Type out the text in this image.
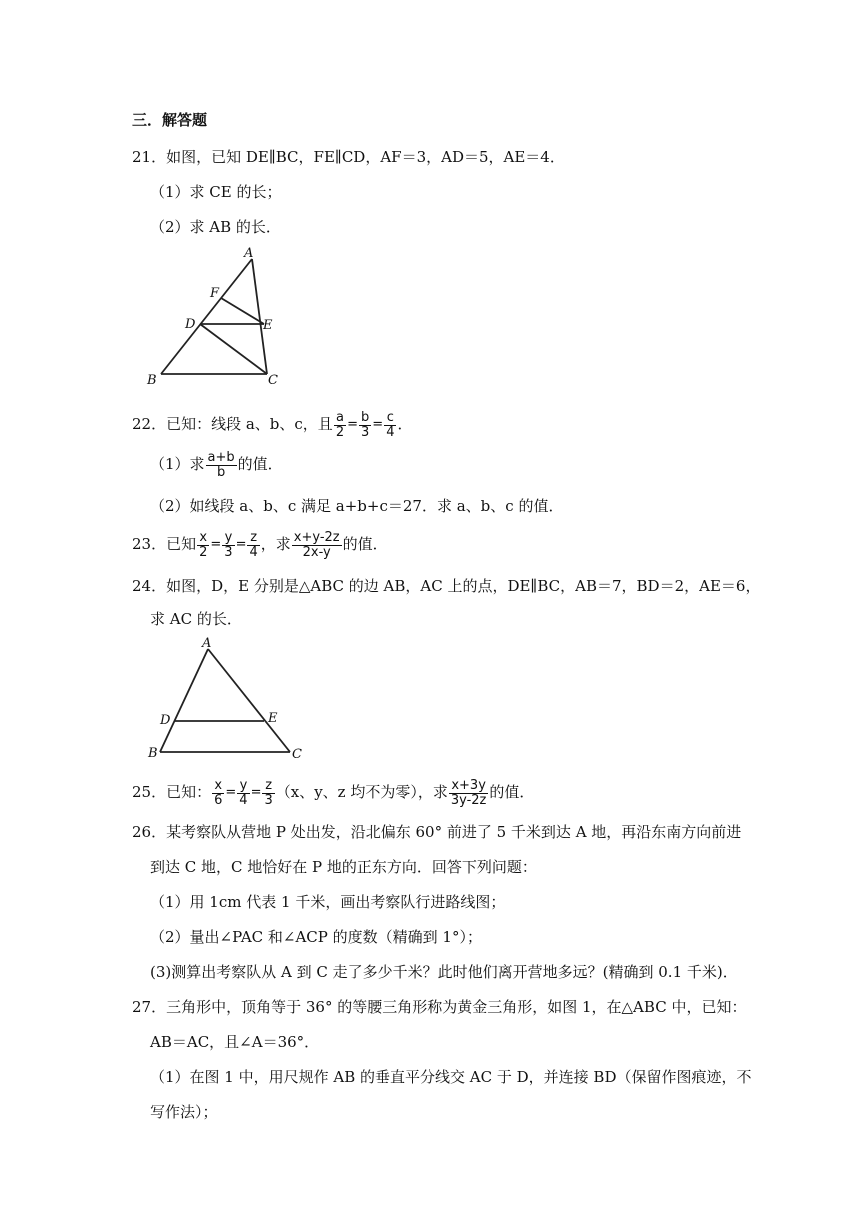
三．解答题
21．如图，已知 DE∥BC，FE∥CD，AF＝3，AD＝5，AE＝4．
（1）求 CE 的长；
（2）求 AB 的长．
A
F
D	E
B	C
22．已知：线段 a、b、c，且 $\frac{a}{2} = \frac{b}{3} = \frac{c}{4}$ ．
（1）求 $\frac{a+b}{b}$ 的值．
（2）如线段 a、b、c 满足 a+b+c＝27．求 a、b、c 的值．
23．已知 $\frac{x}{2} = \frac{y}{3} = \frac{z}{4}$ ，求 $\frac{x+y-2z}{2x-y}$ 的值．
24．如图，D，E 分别是△ABC 的边 AB，AC 上的点，DE∥BC，AB＝7，BD＝2，AE＝6，
求 AC 的长．
A
D	E
B	C
25．已知： $\frac{x}{6} = \frac{y}{4} = \frac{z}{3} (x$、y、z 均不为零），求 $\frac{x+3y}{3y-2z}$ 的值．
26．某考察队从营地 P 处出发，沿北偏东 60° 前进了 5 千米到达 A 地，再沿东南方向前进
到达 C 地，C 地恰好在 P 地的正东方向．回答下列问题：
（1）用 1cm 代表 1 千米，画出考察队行进路线图；
（2）量出∠PAC 和∠ACP 的度数（精确到 1°）；
(3)测算出考察队从 A 到 C 走了多少千米？此时他们离开营地多远？(精确到 0.1 千米)．
27．三角形中，顶角等于 36° 的等腰三角形称为黄金三角形，如图 1，在△ABC 中，已知：
AB＝AC，且∠A＝36°．
（1）在图 1 中，用尺规作 AB 的垂直平分线交 AC 于 D，并连接 BD（保留作图痕迹，不
写作法）；
